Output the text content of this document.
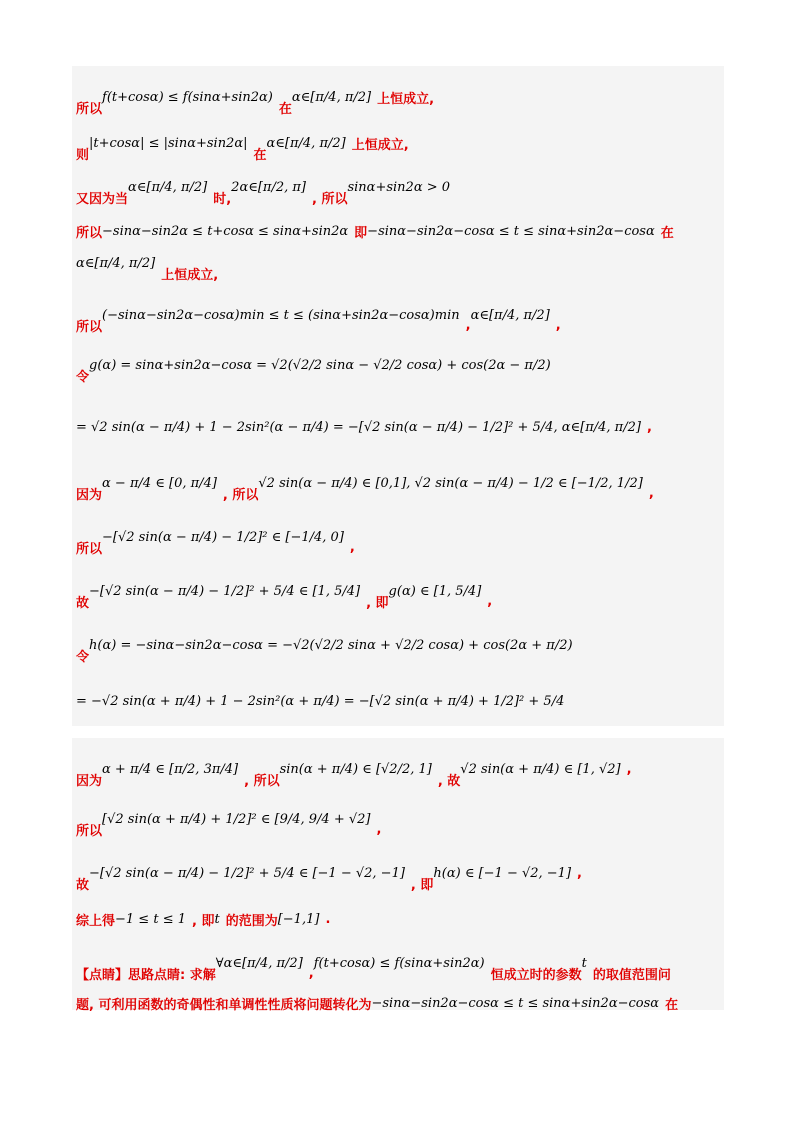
所以
f(t+cosα) ≤ f(sinα+sin2α)
在
α∈[π/4, π/2] 上恒成立,
则
|t+cosα| ≤ |sinα+sin2α|
在
α∈[π/4, π/2] 上恒成立,
又因为当
α∈[π/4, π/2]
时,
2α∈[π/2, π]
, 所以
sinα+sin2α > 0
所以 −sinα−sin2α ≤ t+cosα ≤ sinα+sin2α 即 −sinα−sin2α−cosα ≤ t ≤ sinα+sin2α−cosα 在
α∈[π/4, π/2]
上恒成立,
所以
(−sinα−sin2α−cosα)min ≤ t ≤ (sinα+sin2α−cosα)min
,
α∈[π/4, π/2]
,
令
g(α) = sinα+sin2α−cosα = √2(√2/2 sinα − √2/2 cosα) + cos(2α − π/2)
= √2 sin(α − π/4) + 1 − 2sin²(α − π/4) = −[√2 sin(α − π/4) − 1/2]² + 5/4, α∈[π/4, π/2] ,
因为
α − π/4 ∈ [0, π/4]
, 所以
√2 sin(α − π/4) ∈ [0,1], √2 sin(α − π/4) − 1/2 ∈ [−1/2, 1/2]
,
所以
−[√2 sin(α − π/4) − 1/2]² ∈ [−1/4, 0]
,
故
−[√2 sin(α − π/4) − 1/2]² + 5/4 ∈ [1, 5/4]
, 即
g(α) ∈ [1, 5/4]
,
令
h(α) = −sinα−sin2α−cosα = −√2(√2/2 sinα + √2/2 cosα) + cos(2α + π/2)
= −√2 sin(α + π/4) + 1 − 2sin²(α + π/4) = −[√2 sin(α + π/4) + 1/2]² + 5/4
因为
α + π/4 ∈ [π/2, 3π/4]
, 所以
sin(α + π/4) ∈ [√2/2, 1]
, 故
√2 sin(α + π/4) ∈ [1, √2] ,
所以
[√2 sin(α + π/4) + 1/2]² ∈ [9/4, 9/4 + √2]
,
故
−[√2 sin(α − π/4) − 1/2]² + 5/4 ∈ [−1 − √2, −1]
, 即
h(α) ∈ [−1 − √2, −1] ,
综上得 −1 ≤ t ≤ 1 , 即 t 的范围为 [−1,1] .
【点睛】思路点睛: 求解
∀α∈[π/4, π/2]
,
f(t+cosα) ≤ f(sinα+sin2α)
恒成立时的参数
t
的取值范围问
题, 可利用函数的奇偶性和单调性性质将问题转化为 −sinα−sin2α−cosα ≤ t ≤ sinα+sin2α−cosα 在
